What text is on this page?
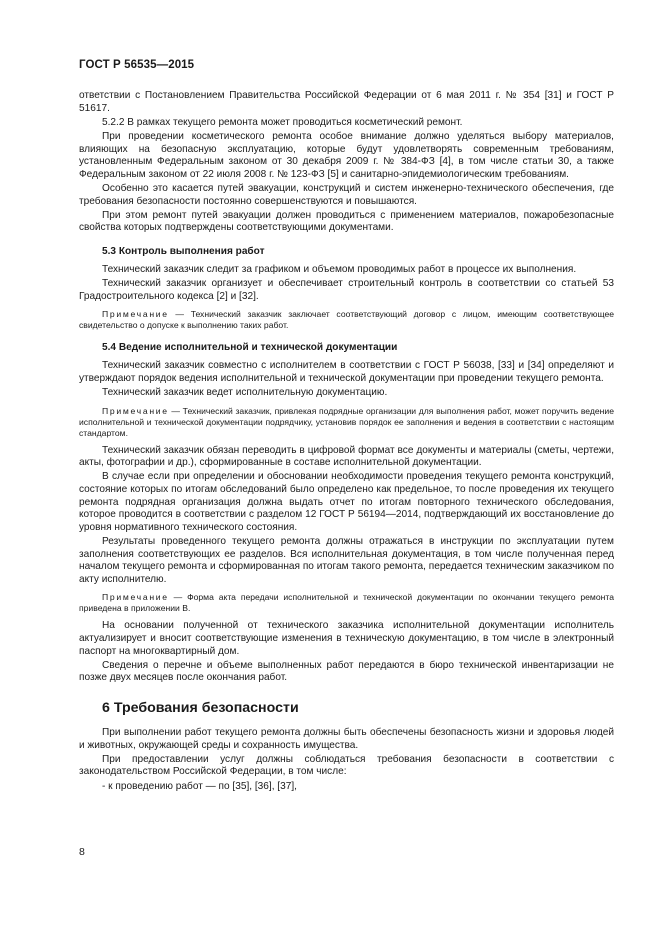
ГОСТ Р 56535—2015

ответствии с Постановлением Правительства Российской Федерации от 6 мая 2011 г. № 354 [31] и ГОСТ Р 51617.

5.2.2 В рамках текущего ремонта может проводиться косметический ремонт.

При проведении косметического ремонта особое внимание должно уделяться выбору материалов, влияющих на безопасную эксплуатацию, которые будут удовлетворять современным требованиям, установленным Федеральным законом от 30 декабря 2009 г. № 384-ФЗ [4], в том числе статьи 30, а также Федеральным законом от 22 июля 2008 г. № 123-ФЗ [5] и санитарно-эпидемиологическим требованиям.

Особенно это касается путей эвакуации, конструкций и систем инженерно-технического обеспечения, где требования безопасности постоянно совершенствуются и повышаются.

При этом ремонт путей эвакуации должен проводиться с применением материалов, пожаробезопасные свойства которых подтверждены соответствующими документами.

5.3 Контроль выполнения работ

Технический заказчик следит за графиком и объемом проводимых работ в процессе их выполнения.

Технический заказчик организует и обеспечивает строительный контроль в соответствии со статьей 53 Градостроительного кодекса [2] и [32].

Примечание — Технический заказчик заключает соответствующий договор с лицом, имеющим соответствующее свидетельство о допуске к выполнению таких работ.

5.4 Ведение исполнительной и технической документации

Технический заказчик совместно с исполнителем в соответствии с ГОСТ Р 56038, [33] и [34] определяют и утверждают порядок ведения исполнительной и технической документации при проведении текущего ремонта.

Технический заказчик ведет исполнительную документацию.

Примечание — Технический заказчик, привлекая подрядные организации для выполнения работ, может поручить ведение исполнительной и технической документации подрядчику, установив порядок ее заполнения и ведения в соответствии с настоящим стандартом.

Технический заказчик обязан переводить в цифровой формат все документы и материалы (сметы, чертежи, акты, фотографии и др.), сформированные в составе исполнительной документации.

В случае если при определении и обосновании необходимости проведения текущего ремонта конструкций, состояние которых по итогам обследований было определено как предельное, то после проведения их текущего ремонта подрядная организация должна выдать отчет по итогам повторного технического обследования, которое проводится в соответствии с разделом 12 ГОСТ Р 56194—2014, подтверждающий их восстановление до уровня нормативного технического состояния.

Результаты проведенного текущего ремонта должны отражаться в инструкции по эксплуатации путем заполнения соответствующих ее разделов. Вся исполнительная документация, в том числе полученная перед началом текущего ремонта и сформированная по итогам такого ремонта, передается техническим заказчиком по акту исполнителю.

Примечание — Форма акта передачи исполнительной и технической документации по окончании текущего ремонта приведена в приложении В.

На основании полученной от технического заказчика исполнительной документации исполнитель актуализирует и вносит соответствующие изменения в техническую документацию, в том числе в электронный паспорт на многоквартирный дом.

Сведения о перечне и объеме выполненных работ передаются в бюро технической инвентаризации не позже двух месяцев после окончания работ.

6 Требования безопасности

При выполнении работ текущего ремонта должны быть обеспечены безопасность жизни и здоровья людей и животных, окружающей среды и сохранность имущества.

При предоставлении услуг должны соблюдаться требования безопасности в соответствии с законодательством Российской Федерации, в том числе:

- к проведению работ — по [35], [36], [37],

8
